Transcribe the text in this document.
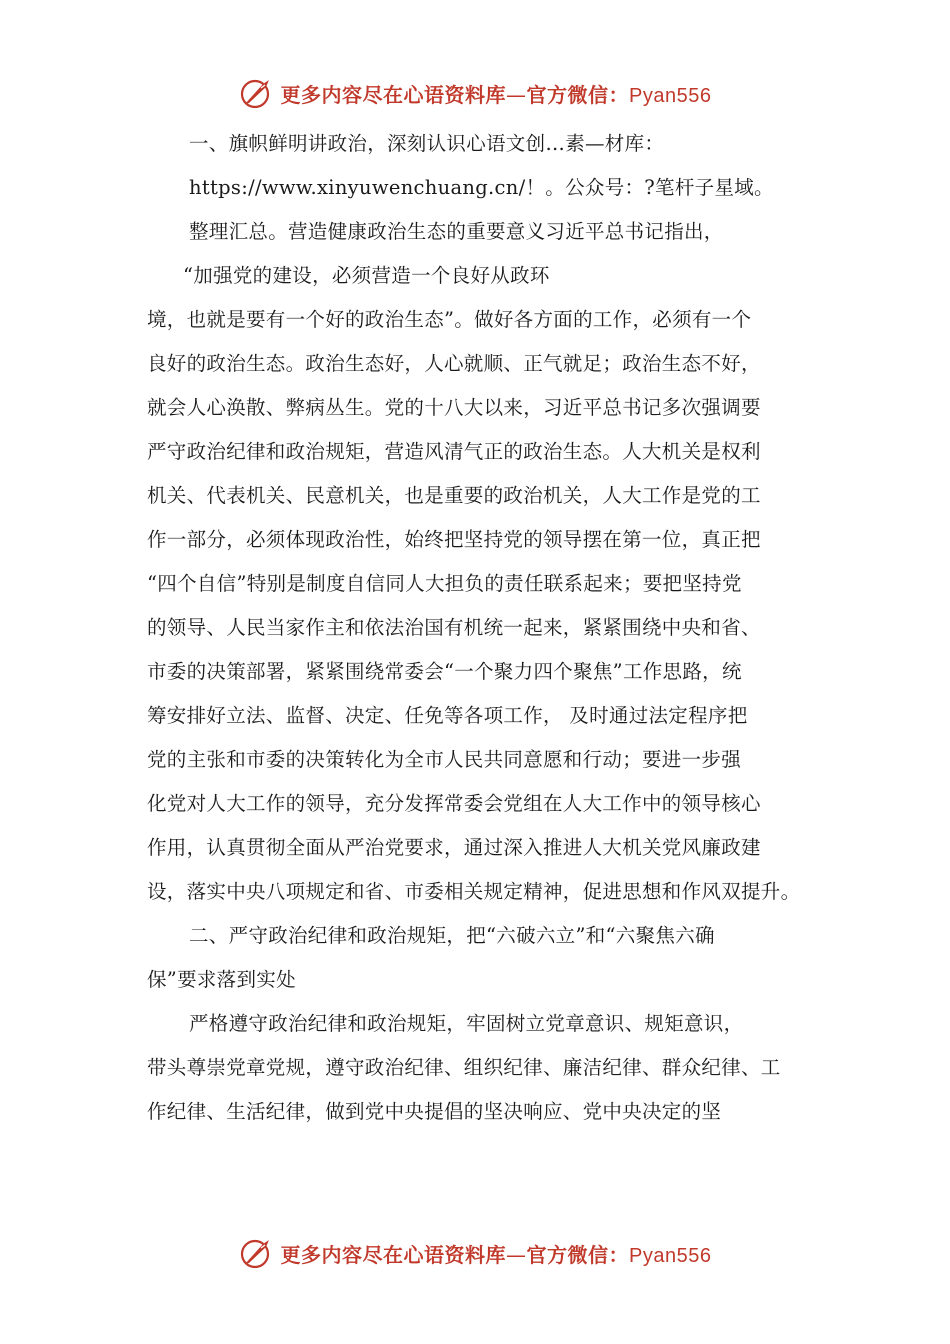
更多内容尽在心语资料库—官方微信：Pyan556
一、旗帜鲜明讲政治，深刻认识心语文创…素—材库：
https://www.xinyuwenchuang.cn/！。公众号：?笔杆子星域。
整理汇总。营造健康政治生态的重要意义习近平总书记指出，
“加强党的建设，必须营造一个良好从政环
境，也就是要有一个好的政治生态”。做好各方面的工作，必须有一个
良好的政治生态。政治生态好，人心就顺、正气就足；政治生态不好，
就会人心涣散、弊病丛生。党的十八大以来，习近平总书记多次强调要
严守政治纪律和政治规矩，营造风清气正的政治生态。人大机关是权利
机关、代表机关、民意机关，也是重要的政治机关，人大工作是党的工
作一部分，必须体现政治性，始终把坚持党的领导摆在第一位，真正把
“四个自信”特别是制度自信同人大担负的责任联系起来；要把坚持党
的领导、人民当家作主和依法治国有机统一起来，紧紧围绕中央和省、
市委的决策部署，紧紧围绕常委会“一个聚力四个聚焦”工作思路，统
筹安排好立法、监督、决定、任免等各项工作， 及时通过法定程序把
党的主张和市委的决策转化为全市人民共同意愿和行动；要进一步强
化党对人大工作的领导，充分发挥常委会党组在人大工作中的领导核心
作用，认真贯彻全面从严治党要求，通过深入推进人大机关党风廉政建
设，落实中央八项规定和省、市委相关规定精神，促进思想和作风双提升。
二、严守政治纪律和政治规矩，把“六破六立”和“六聚焦六确
保”要求落到实处
严格遵守政治纪律和政治规矩，牢固树立党章意识、规矩意识，
带头尊崇党章党规，遵守政治纪律、组织纪律、廉洁纪律、群众纪律、工
作纪律、生活纪律，做到党中央提倡的坚决响应、党中央决定的坚
更多内容尽在心语资料库—官方微信：Pyan556
